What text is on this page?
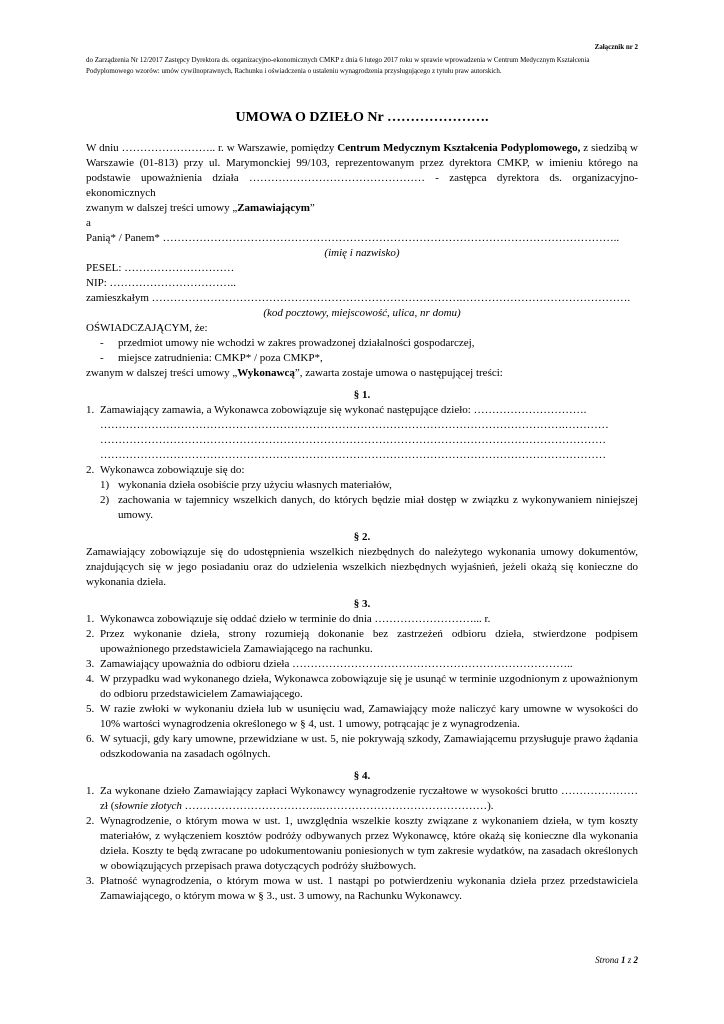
Załącznik nr 2
do Zarządzenia Nr 12/2017 Zastępcy Dyrektora ds. organizacyjno-ekonomicznych CMKP z dnia 6 lutego 2017 roku w sprawie wprowadzenia w Centrum Medycznym Kształcenia Podyplomowego wzorów: umów cywilnoprawnych, Rachunku i oświadczenia o ustaleniu wynagrodzenia przysługującego z tytułu praw autorskich.
UMOWA O DZIEŁO Nr ………………….

W dniu …………………….. r. w Warszawie, pomiędzy Centrum Medycznym Kształcenia Podyplomowego, z siedzibą w Warszawie (01-813) przy ul. Marymonckiej 99/103, reprezentowanym przez dyrektora CMKP, w imieniu którego na podstawie upoważnienia działa ………………………………………… - zastępca dyrektora ds. organizacyjno-ekonomicznych

zwanym w dalszej treści umowy „Zamawiającym”

a

Panią* / Panem* ……………………………………………………………………………………………………………..

(imię i nazwisko)

PESEL: …………………………

NIP: ……………………………..

zamieszkałym ………………………………………………………………………….……………………………………….

(kod pocztowy, miejscowość, ulica, nr domu)

OŚWIADCZAJĄCYM, że:

-	przedmiot umowy nie wchodzi w zakres prowadzonej działalności gospodarczej,
-	miejsce zatrudnienia: CMKP* / poza CMKP*,

zwanym w dalszej treści umowy „Wykonawcą”, zawarta zostaje umowa o następującej treści:

§ 1.

1. Zamawiający zamawia, a Wykonawca zobowiązuje się wykonać następujące dzieło: ………………………….
……………………………………………………………………………………………………………….…………
…………………………………………………………………………………………………………………………
…………………………………………………………………………………………………………………………
2. Wykonawca zobowiązuje się do:
1) wykonania dzieła osobiście przy użyciu własnych materiałów,
2) zachowania w tajemnicy wszelkich danych, do których będzie miał dostęp w związku z wykonywaniem niniejszej umowy.

§ 2.

Zamawiający zobowiązuje się do udostępnienia wszelkich niezbędnych do należytego wykonania umowy dokumentów, znajdujących się w jego posiadaniu oraz do udzielenia wszelkich niezbędnych wyjaśnień, jeżeli okażą się konieczne do wykonania dzieła.

§ 3.

1. Wykonawca zobowiązuje się oddać dzieło w terminie do dnia ………………………... r.
2. Przez wykonanie dzieła, strony rozumieją dokonanie bez zastrzeżeń odbioru dzieła, stwierdzone podpisem upoważnionego przedstawiciela Zamawiającego na rachunku.
3. Zamawiający upoważnia do odbioru dzieła …………………………………………………………………..
4. W przypadku wad wykonanego dzieła, Wykonawca zobowiązuje się je usunąć w terminie uzgodnionym z upoważnionym do odbioru przedstawicielem Zamawiającego.
5. W razie zwłoki w wykonaniu dzieła lub w usunięciu wad, Zamawiający może naliczyć kary umowne w wysokości do 10% wartości wynagrodzenia określonego w § 4, ust. 1 umowy, potrącając je z wynagrodzenia.
6. W sytuacji, gdy kary umowne, przewidziane w ust. 5, nie pokrywają szkody, Zamawiającemu przysługuje prawo żądania odszkodowania na zasadach ogólnych.

§ 4.

1. Za wykonane dzieło Zamawiający zapłaci Wykonawcy wynagrodzenie ryczałtowe w wysokości brutto ………………… zł (słownie złotych ………………………………..………………………………………).
2. Wynagrodzenie, o którym mowa w ust. 1, uwzględnia wszelkie koszty związane z wykonaniem dzieła, w tym koszty materiałów, z wyłączeniem kosztów podróży odbywanych przez Wykonawcę, które okażą się konieczne dla wykonania dzieła. Koszty te będą zwracane po udokumentowaniu poniesionych w tym zakresie wydatków, na zasadach określonych w obowiązujących przepisach prawa dotyczących podróży służbowych.
3. Płatność wynagrodzenia, o którym mowa w ust. 1 nastąpi po potwierdzeniu wykonania dzieła przez przedstawiciela Zamawiającego, o którym mowa w § 3., ust. 3 umowy, na Rachunku Wykonawcy.
Strona 1 z 2
